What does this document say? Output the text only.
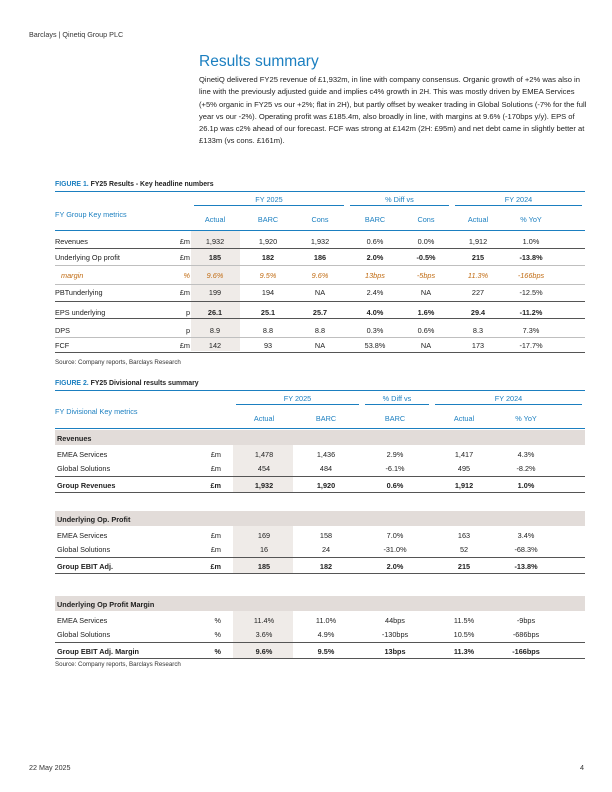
Barclays | Qinetiq Group PLC
Results summary
QinetiQ delivered FY25 revenue of £1,932m, in line with company consensus. Organic growth of +2% was also in line with the previously adjusted guide and implies c4% growth in 2H. This was mostly driven by EMEA Services (+5% organic in FY25 vs our +2%; flat in 2H), but partly offset by weaker trading in Global Solutions (-7% for the full year vs our -2%). Operating profit was £185.4m, also broadly in line, with margins at 9.6% (-170bps y/y). EPS of 26.1p was c2% ahead of our forecast. FCF was strong at £142m (2H: £95m) and net debt came in slightly better at £133m (vs cons. £161m).
FIGURE 1. FY25 Results - Key headline numbers
FY 2025	% Diff vs	FY 2024
FY Group Key metrics
Actual	BARC	Cons	BARC	Cons	Actual	% YoY
Revenues	£m 1,932	1,920	1,932	0.6%	0.0%	1,912	1.0%
Underlying Op profit	£m	185	182	186	2.0%	-0.5%	215	-13.8%
margin	% 9.6%	9.5%	9.6%	13bps	-5bps	11.3%	-166bps
PBTunderlying	£m	199	194	NA	2.4%	NA	227	-12.5%
EPS underlying	p 26.1	25.1	25.7	4.0%	1.6%	29.4	-11.2%
DPS	p	8.9	8.8	8.8	0.3%	0.6%	8.3	7.3%
FCF	£m	142	93	NA	53.8%	NA	173	-17.7%
Source: Company reports, Barclays Research
FIGURE 2. FY25 Divisional results summary
FY 2025	% Diff vs	FY 2024
FY Divisional Key metrics
Actual	BARC	BARC	Actual	% YoY
Revenues
EMEA Services	£m	1,478	1,436	2.9%	1,417	4.3%
Global Solutions	£m	454	484	-6.1%	495	-8.2%
Group Revenues	£m	1,932	1,920	0.6%	1,912	1.0%
Underlying Op. Profit
EMEA Services	£m	169	158	7.0%	163	3.4%
Global Solutions	£m	16	24	-31.0%	52	-68.3%
Group EBIT Adj.	£m	185	182	2.0%	215	-13.8%
Underlying Op Profit Margin
EMEA Services	%	11.4%	11.0%	44bps	11.5%	-9bps
Global Solutions	%	3.6%	4.9%	-130bps	10.5%	-686bps
Group EBIT Adj. Margin	%	9.6%	9.5%	13bps	11.3%	-166bps
Source: Company reports, Barclays Research
22 May 2025	4
